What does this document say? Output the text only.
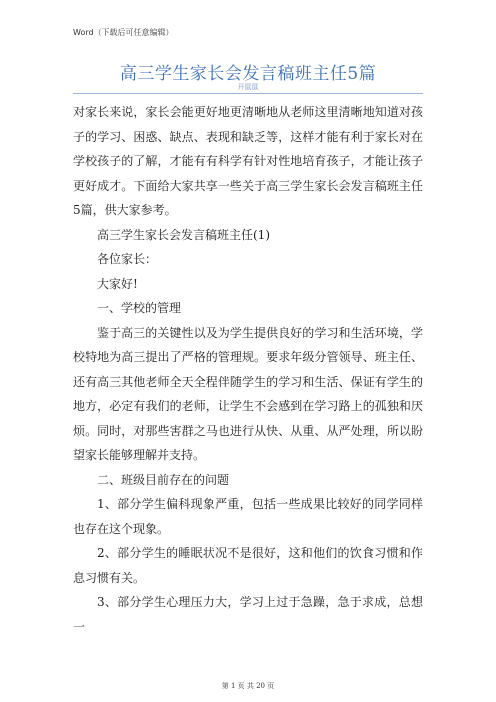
Word（下载后可任意编辑）
高三学生家长会发言稿班主任5篇
开鼠鼠

对家长来说，家长会能更好地更清晰地从老师这里清晰地知道对孩子的学习、困惑、缺点、表现和缺乏等，这样才能有利于家长对在学校孩子的了解，才能有有科学有针对性地培育孩子，才能让孩子更好成才。下面给大家共享一些关于高三学生家长会发言稿班主任5篇，供大家参考。

高三学生家长会发言稿班主任(1)

各位家长：

大家好!

一、学校的管理

鉴于高三的关键性以及为学生提供良好的学习和生活环境，学校特地为高三提出了严格的管理规。要求年级分管领导、班主任、还有高三其他老师全天全程伴随学生的学习和生活、保证有学生的地方，必定有我们的老师，让学生不会感到在学习路上的孤独和厌烦。同时，对那些害群之马也进行从快、从重、从严处理，所以盼望家长能够理解并支持。

二、班级目前存在的问题

1、部分学生偏科现象严重，包括一些成果比较好的同学同样也存在这个现象。

2、部分学生的睡眠状况不是很好，这和他们的饮食习惯和作息习惯有关。

3、部分学生心理压力大，学习上过于急躁，急于求成，总想一

第 1 页 共 20 页
